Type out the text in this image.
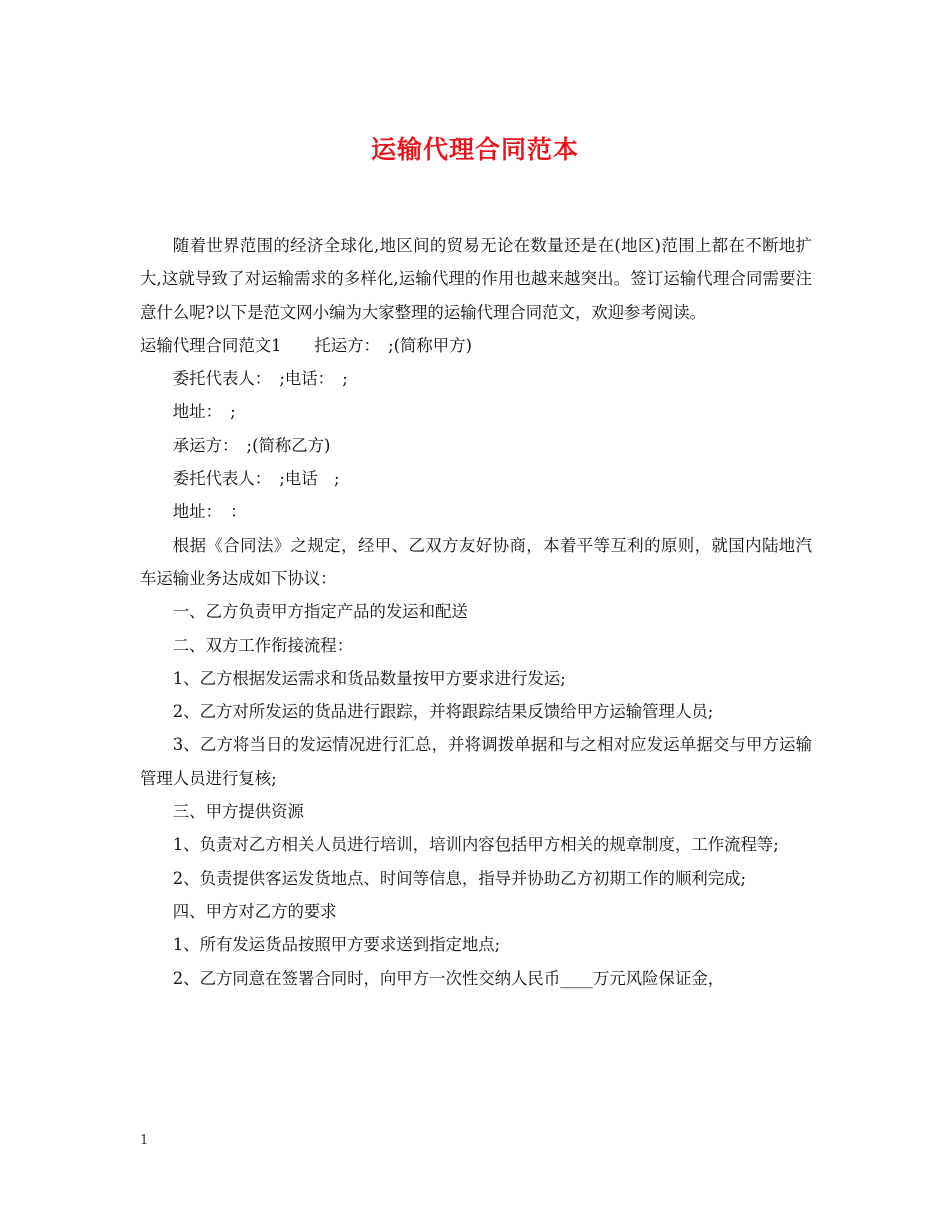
运输代理合同范本

随着世界范围的经济全球化,地区间的贸易无论在数量还是在(地区)范围上都在不断地扩大,这就导致了对运输需求的多样化,运输代理的作用也越来越突出。签订运输代理合同需要注意什么呢?以下是范文网小编为大家整理的运输代理合同范文，欢迎参考阅读。

运输代理合同范文1　　托运方：　;(简称甲方)

委托代表人：　;电话：　;

地址：　;

承运方：　;(简称乙方)

委托代表人：　;电话　;

地址：　：

根据《合同法》之规定，经甲、乙双方友好协商，本着平等互利的原则，就国内陆地汽车运输业务达成如下协议：

一、乙方负责甲方指定产品的发运和配送

二、双方工作衔接流程：

1、乙方根据发运需求和货品数量按甲方要求进行发运;

2、乙方对所发运的货品进行跟踪，并将跟踪结果反馈给甲方运输管理人员;

3、乙方将当日的发运情况进行汇总，并将调拨单据和与之相对应发运单据交与甲方运输管理人员进行复核;

三、甲方提供资源

1、负责对乙方相关人员进行培训，培训内容包括甲方相关的规章制度，工作流程等;

2、负责提供客运发货地点、时间等信息，指导并协助乙方初期工作的顺利完成;

四、甲方对乙方的要求

1、所有发运货品按照甲方要求送到指定地点;

2、乙方同意在签署合同时，向甲方一次性交纳人民币____万元风险保证金，

1
